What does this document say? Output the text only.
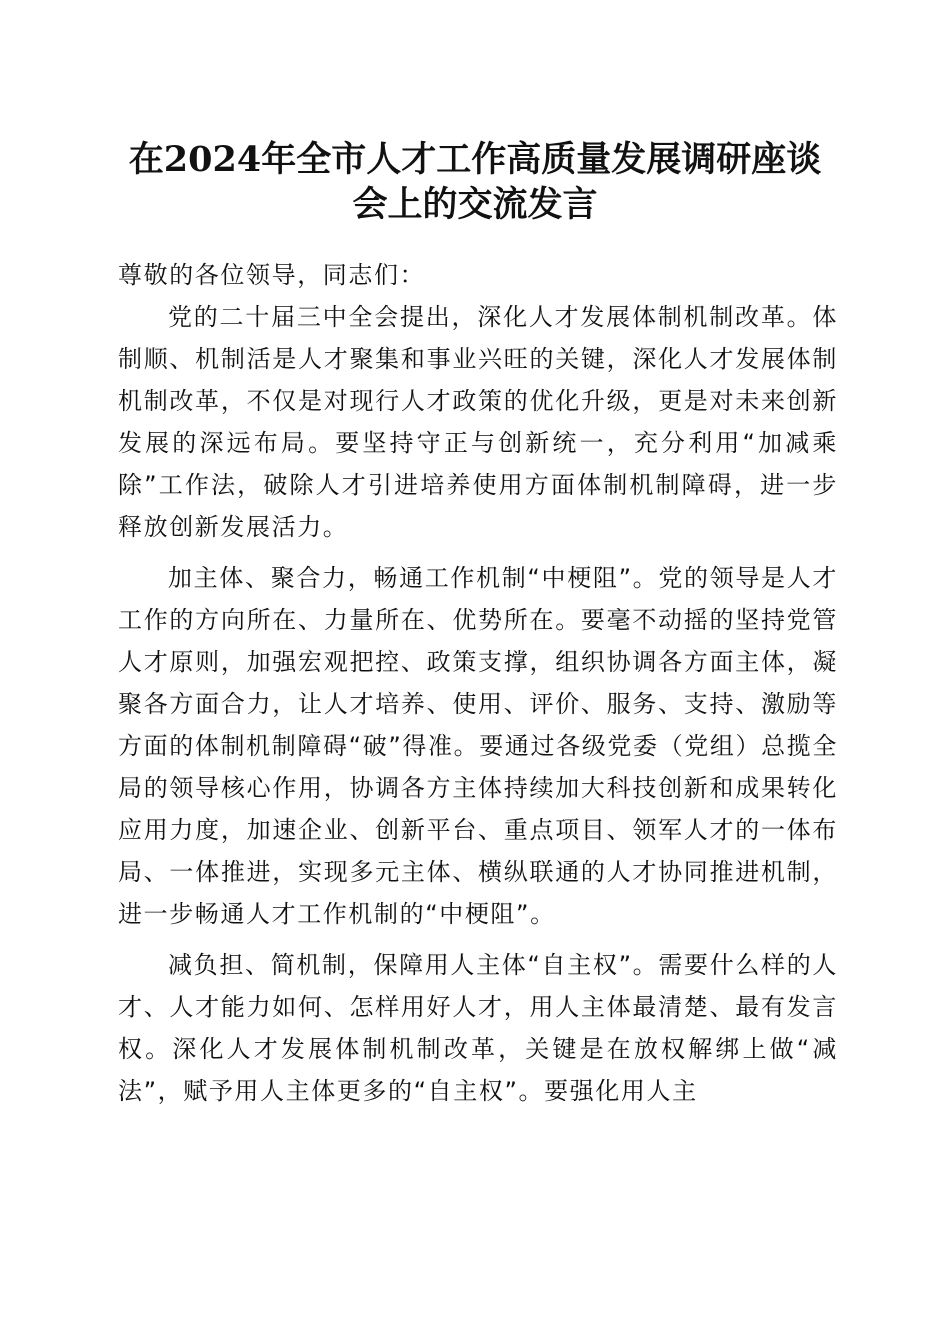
在2024年全市人才工作高质量发展调研座谈
会上的交流发言

尊敬的各位领导，同志们：

党的二十届三中全会提出，深化人才发展体制机制改革。体制顺、机制活是人才聚集和事业兴旺的关键，深化人才发展体制机制改革，不仅是对现行人才政策的优化升级，更是对未来创新发展的深远布局。要坚持守正与创新统一，充分利用“加减乘除”工作法，破除人才引进培养使用方面体制机制障碍，进一步释放创新发展活力。

加主体、聚合力，畅通工作机制“中梗阻”。党的领导是人才工作的方向所在、力量所在、优势所在。要毫不动摇的坚持党管人才原则，加强宏观把控、政策支撑，组织协调各方面主体，凝聚各方面合力，让人才培养、使用、评价、服务、支持、激励等方面的体制机制障碍“破”得准。要通过各级党委（党组）总揽全局的领导核心作用，协调各方主体持续加大科技创新和成果转化应用力度，加速企业、创新平台、重点项目、领军人才的一体布局、一体推进，实现多元主体、横纵联通的人才协同推进机制，进一步畅通人才工作机制的“中梗阻”。

减负担、简机制，保障用人主体“自主权”。需要什么样的人才、人才能力如何、怎样用好人才，用人主体最清楚、最有发言权。深化人才发展体制机制改革，关键是在放权解绑上做“减法”，赋予用人主体更多的“自主权”。要强化用人主
